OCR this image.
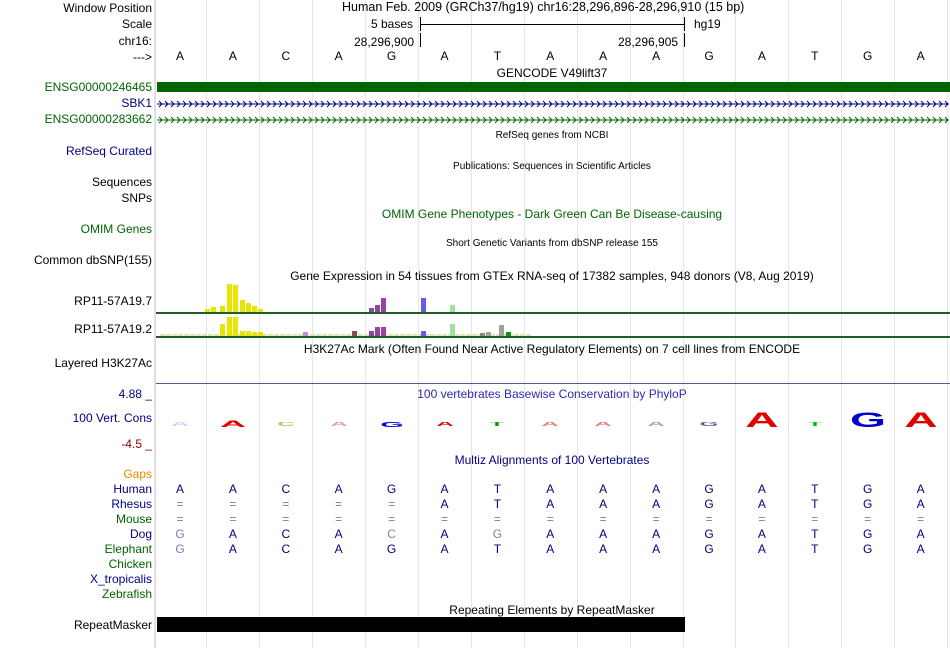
Window Position
Scale
chr16:
--->
Human Feb. 2009 (GRCh37/hg19) chr16:28,296,896-28,296,910 (15 bp)
5 bases	hg19
28,296,900	28,296,905
A	A	C	A	G	A	T	A	A	A	G	A	T	G	A
GENCODE V49lift37
ENSG00000246465
SBK1
ENSG00000283662
RefSeq genes from NCBI
RefSeq Curated
Publications: Sequences in Scientific Articles
Sequences
SNPs
OMIM Gene Phenotypes - Dark Green Can Be Disease-causing
OMIM Genes
Short Genetic Variants from dbSNP release 155
Common dbSNP(155)
Gene Expression in 54 tissues from GTEx RNA-seq of 17382 samples, 948 donors (V8, Aug 2019)
RP11-57A19.7
RP11-57A19.2
H3K27Ac Mark (Often Found Near Active Regulatory Elements) on 7 cell lines from ENCODE
Layered H3K27Ac
100 vertebrates Basewise Conservation by PhyloP
4.88 _
100 Vert. Cons
-4.5 _
A	A	C	A	G	A	T	A	A	A	G	A	T	G A
Gaps
Multiz Alignments of 100 Vertebrates
Human A	A	C	A	G	A	T	A	A	A	G	A	T	G	A
Rhesus =	=	=	=	=	A	T	A	A	A	G	A	T	G	A
Mouse =	=	=	=	=	=	=	=	=	=	=	=	=	=	=
Dog G	A	C	A	C	A	G	A	A	A	G	A	T	G	A
Elephant G	A	C	A	G	A	T	A	A	A	G	A	T	G	A
Chicken
X_tropicalis
Zebrafish
Repeating Elements by RepeatMasker
RepeatMasker
